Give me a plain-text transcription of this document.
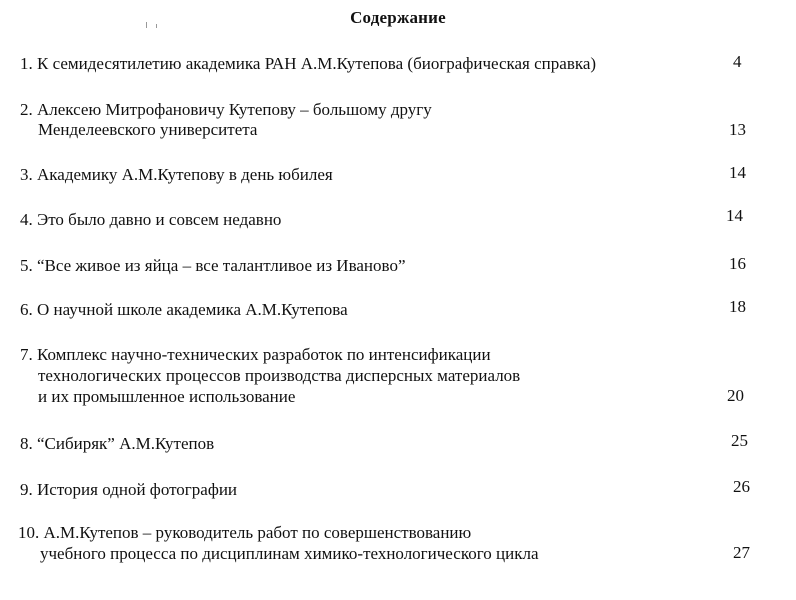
Содержание
1. К семидесятилетию академика РАН А.М.Кутепова (биографическая справка)	4
2. Алексею Митрофановичу Кутепову – большому другу
Менделеевского университета	13
3. Академику А.М.Кутепову в день юбилея	14
4. Это было давно и совсем недавно	14
5. “Все живое из яйца – все талантливое из Иваново”	16
6. О научной школе академика А.М.Кутепова	18
7. Комплекс научно-технических разработок по интенсификации
технологических процессов производства дисперсных материалов
и их промышленное использование	20
8. “Сибиряк” А.М.Кутепов	25
9. История одной фотографии	26
10. А.М.Кутепов – руководитель работ по совершенствованию
учебного процесса по дисциплинам химико-технологического цикла	27
